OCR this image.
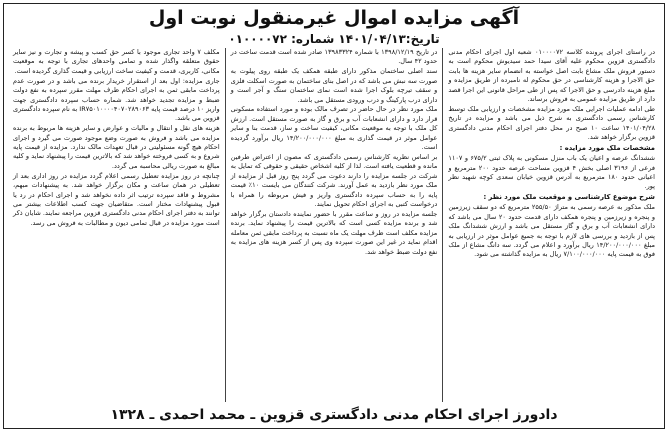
آگهی مزایده اموال غیرمنقول نوبت اول
تاریخ:۱۴۰۱/۰۴/۱۳ شماره: ۰۱۰۰۰۰۷۲

در راستای اجرای پرونده کلاسه ۰۱۰۰۰۰۷۲ شعبه اول اجرای احکام مدنی دادگستری قزوین محکوم علیه آقای سیدا حمد سیدیوش محکوم است به دستور فروش ملک مشاع بابت اصل خواسته به انضمام سایر هزینه ها بابت حق الاجرا و هزینه کارشناسی در حق محکوم له نامبرده از طریق مزایده و مبلغ هزینه دادرسی و حق الاجرا که پس از طی مراحل قانونی این اجرا قصد دارد از طریق مزایده عمومی به فروش برساند.

طی ادامه عملیات اجرایی ملک مورد مزایده مشخصات و ارزیابی ملک توسط کارشناس رسمی دادگستری به شرح ذیل می باشد و مزایده در تاریخ ۱۴۰۱/۰۴/۲۸ ساعت ۱۰ صبح در محل دفتر اجرای احکام مدنی دادگستری قزوین برگزار خواهد شد.

مشخصات ملک مورد مزایده :

ششدانگ عرصه و اعیان یک باب منزل مسکونی به پلاک ثبتی ۶۷۵/۲ و ۱۱۰۷ فرعی از ۳۱۹۶ اصلی بخش ۴ قزوین مساحت عرصه حدود ۲۰۰ مترمربع و اعیانی حدود ۱۸۰ مترمربع به آدرس قزوین خیابان سعدی کوچه شهید نظر پور.

شرح موضوع کارشناسی و موقعیت ملک مورد نظر :

ملک مذکور به عرصه رسمی به متراژ ۲۵۵/۵۰ مترمربع که دو سقف زیرزمین و پنجره و زیرزمین و پنجره همکف دارای قدمت حدود ۲۰ سال می باشد که دارای انشعابات آب و برق و گاز مستقل می باشد و ارزش ششدانگ ملک پس از بازدید و بررسی های لازم با توجه به جمیع عوامل موثر در ارزیابی به مبلغ ۱۴/۲۰۰/۰۰۰/۰۰۰ ریال برآورد و اعلام می گردد. سه دانگ مشاع از ملک فوق به قیمت پایه ۷/۱۰۰/۰۰۰/۰۰۰ ریال به مزایده گذاشته می شود.

در تاریخ ۱۳۹۸/۱۲/۱۹ با شماره ۱۳۹۸۳۳۲۴ صادر شده است قدمت ساخت در حدود ۴۲ سال.

سند اصلی ساختمان مذکور دارای طبقه همکف یک طبقه روی پیلوت به صورت سه نبش می باشد که در اصل بنای ساختمان به صورت اسکلت فلزی و سقف تیرچه بلوک اجرا شده است نمای ساختمان سنگ و آجر است و دارای درب پارکینگ و درب ورودی مستقل می باشد.

ملک مورد نظر در حال حاضر در تصرف مالک بوده و مورد استفاده مسکونی قرار دارد و دارای انشعابات آب و برق و گاز به صورت مستقل است. ارزش کل ملک با توجه به موقعیت مکانی، کیفیت ساخت و ساز، قدمت بنا و سایر عوامل موثر در قیمت گذاری به مبلغ ۱۴/۲۰۰/۰۰۰/۰۰۰ ریال برآورد گردیده است.

بر اساس نظریه کارشناس رسمی دادگستری که مصون از اعتراض طرفین مانده و قطعیت یافته است. لذا از کلیه اشخاص حقیقی و حقوقی که تمایل به شرکت در جلسه مزایده را دارند دعوت می گردد پنج روز قبل از مزایده از ملک مورد نظر بازدید به عمل آورند. شرکت کنندگان می بایست ۱۰٪ قیمت پایه را به حساب سپرده دادگستری واریز و فیش مربوطه را همراه با درخواست کتبی به اجرای احکام تحویل نمایند.

جلسه مزایده در روز و ساعت مقرر با حضور نماینده دادستان برگزار خواهد شد و برنده مزایده کسی است که بالاترین قیمت را پیشنهاد نماید. برنده مزایده مکلف است ظرف مهلت یک ماه نسبت به پرداخت مابقی ثمن معامله اقدام نماید در غیر این صورت سپرده وی پس از کسر هزینه های مزایده به نفع دولت ضبط خواهد شد.

مکلف ۷ واحد تجاری موجود با کسر حق کسب و پیشه و تجارت و نیز سایر حقوق متعلقه واگذار شده و تمامی واحدهای تجاری با توجه به موقعیت مکانی، کاربری، قدمت و کیفیت ساخت ارزیابی و قیمت گذاری گردیده است.

جاری مزایده: اول بعد از استقرار خریدار برنده می باشد و در صورت عدم پرداخت مابقی ثمن به اجرای احکام ظرف مهلت مقرر سپرده به نفع دولت ضبط و مزایده تجدید خواهد شد. شماره حساب سپرده دادگستری جهت واریز ۱۰ درصد قیمت پایه IR۷۵۰۱۰۰۰۰۴۰۷۰۲۸۹۰۶۳ به نام سپرده دادگستری قزوین می باشد.

هزینه های نقل و انتقال و مالیات و عوارض و سایر هزینه ها مربوط به برنده مزایده می باشد و فروش به صورت وضع موجود صورت می گیرد و اجرای احکام هیچ گونه مسئولیتی در قبال تعهدات مالک ندارد. مزایده از قیمت پایه شروع و به کسی فروخته خواهد شد که بالاترین قیمت را پیشنهاد نماید و کلیه مبالغ به صورت ریالی محاسبه می گردد.

چنانچه در روز مزایده تعطیل رسمی اعلام گردد مزایده در روز اداری بعد از تعطیلی در همان ساعت و مکان برگزار خواهد شد. به پیشنهادات مبهم، مشروط و فاقد سپرده ترتیب اثر داده نخواهد شد و اجرای احکام در رد یا قبول پیشنهادات مختار است. متقاضیان جهت کسب اطلاعات بیشتر می توانند به دفتر اجرای احکام مدنی دادگستری قزوین مراجعه نمایند. شایان ذکر است مورد مزایده در قبال تمامی دیون و مطالبات به فروش می رسد.

دادورز اجرای احکام مدنی دادگستری قزوین ـ محمد احمدی ـ ۱۳۲۸
